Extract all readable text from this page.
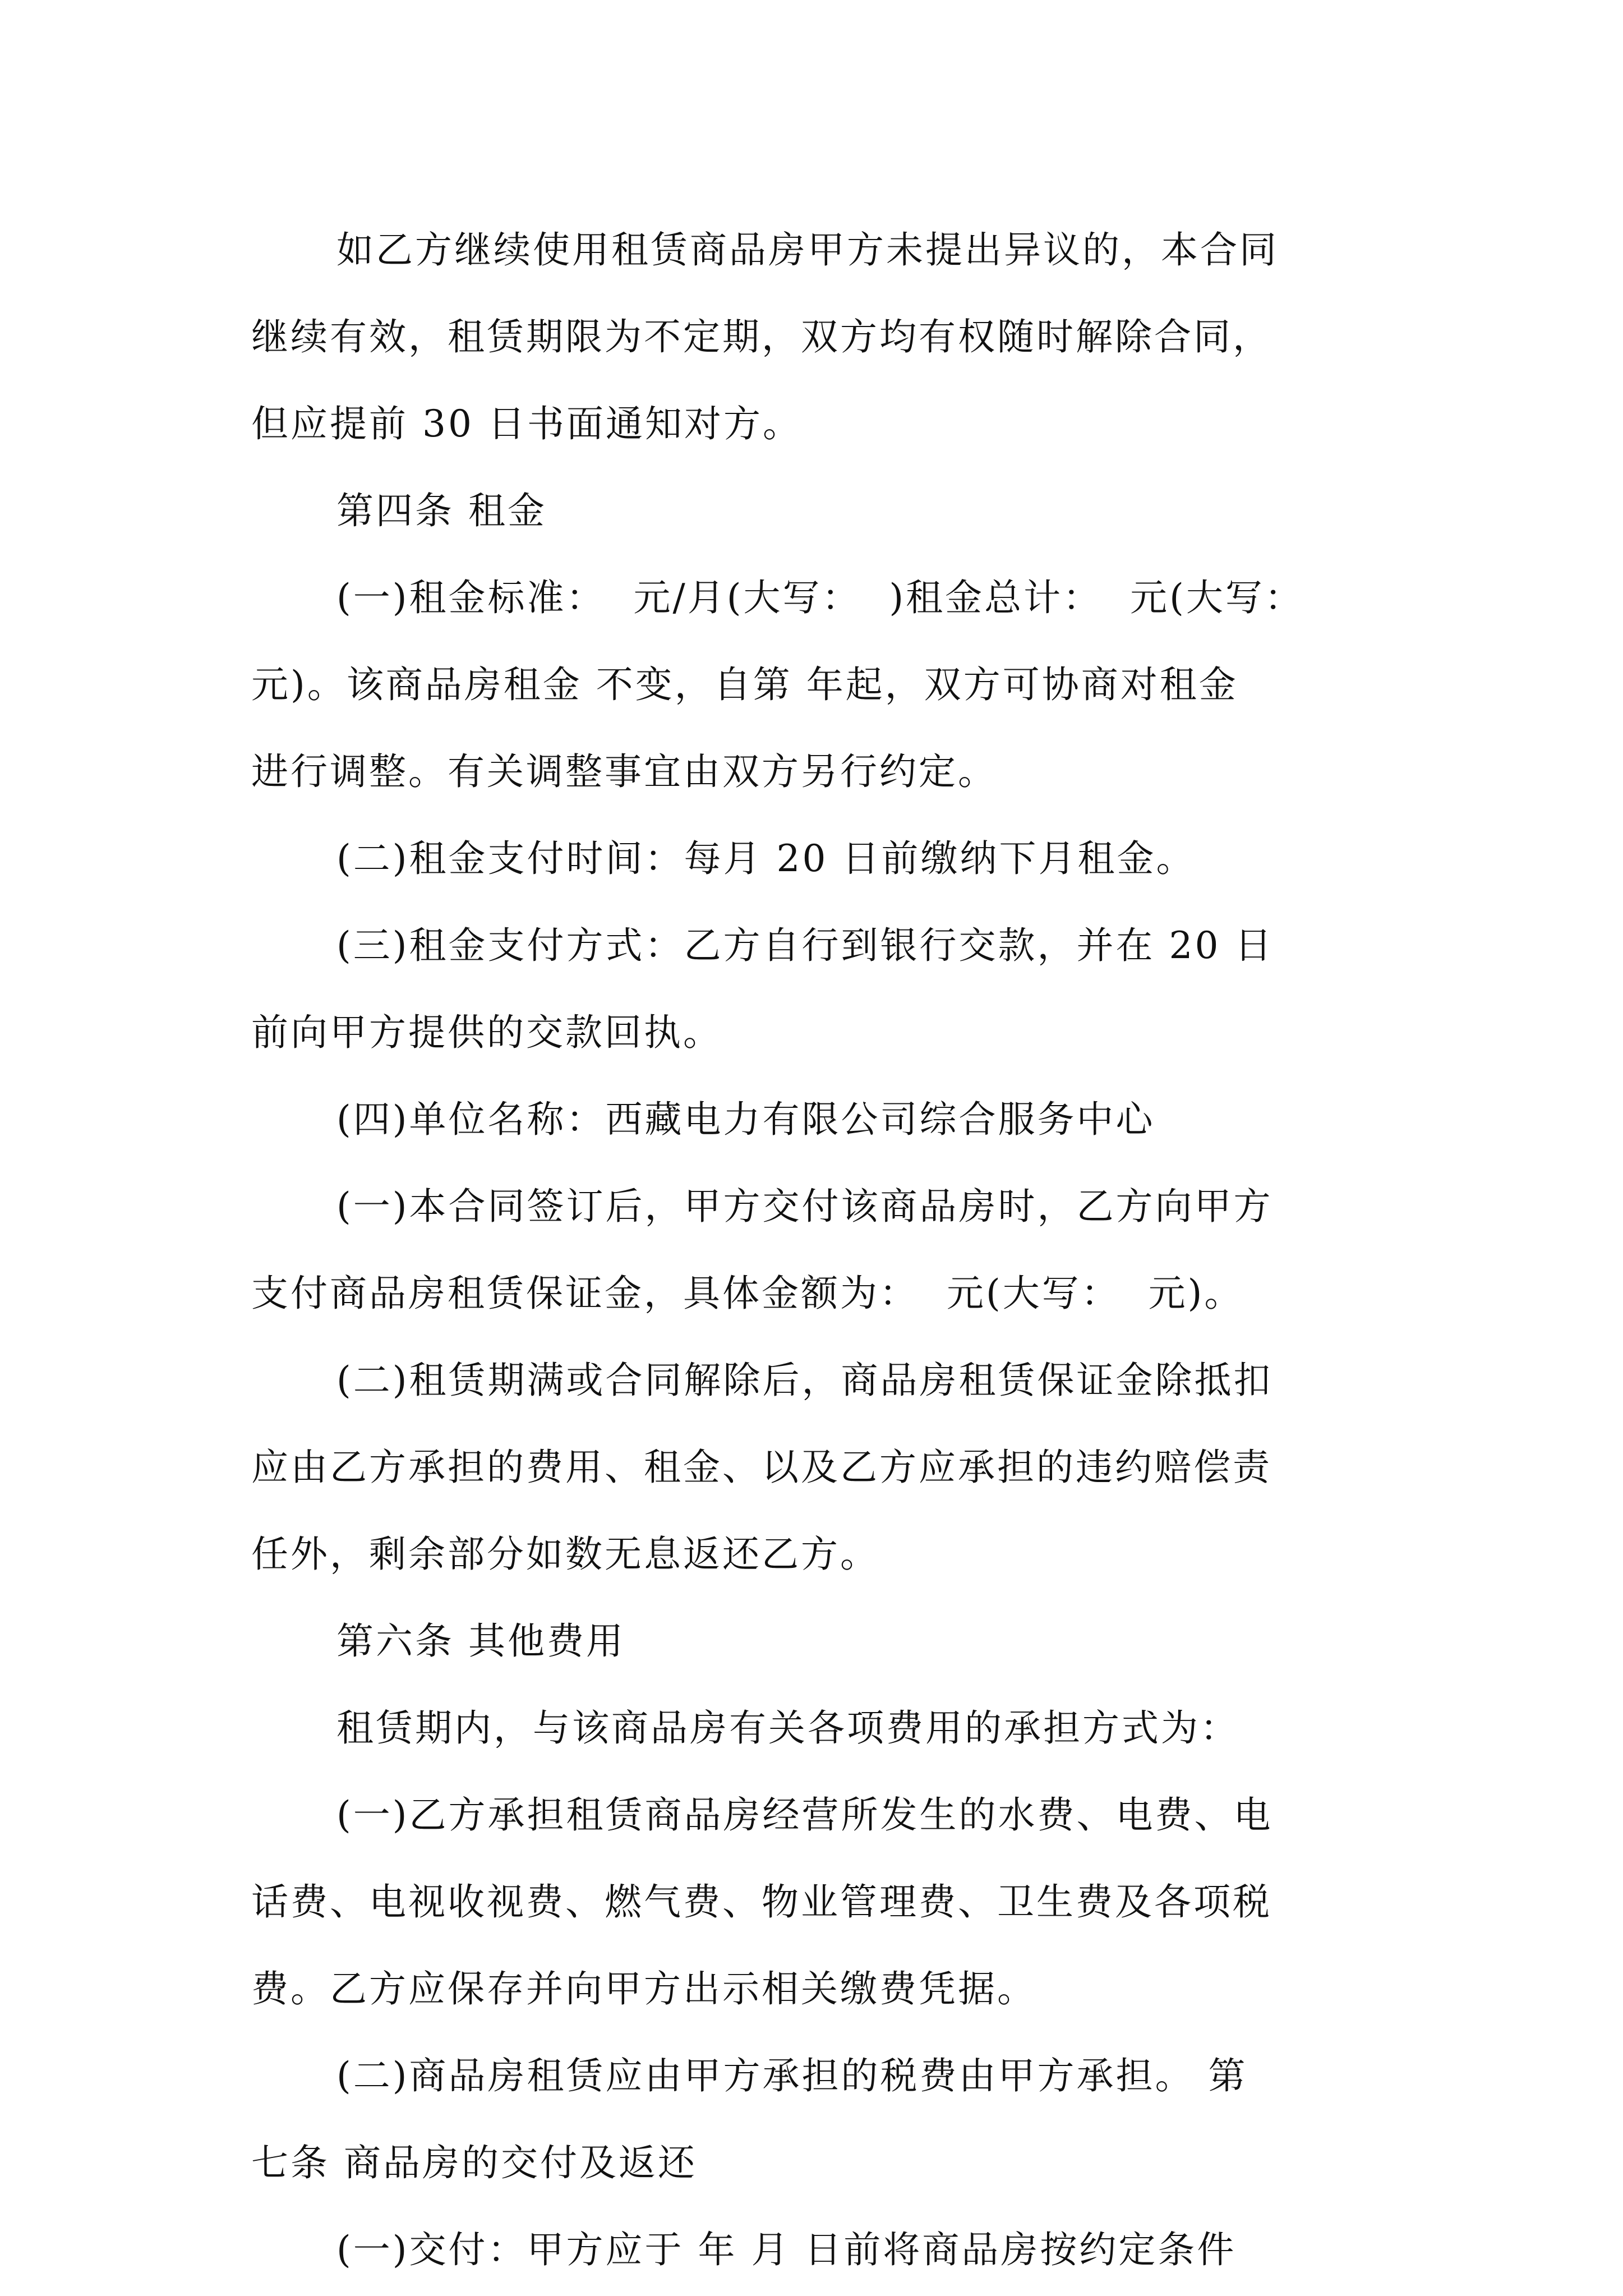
如乙方继续使用租赁商品房甲方未提出异议的，本合同
继续有效，租赁期限为不定期，双方均有权随时解除合同，
但应提前 30 日书面通知对方。
第四条 租金
(一)租金标准：  元/月(大写：  )租金总计：  元(大写：
元)。该商品房租金 不变，自第 年起，双方可协商对租金
进行调整。有关调整事宜由双方另行约定。
(二)租金支付时间：每月 20 日前缴纳下月租金。
(三)租金支付方式：乙方自行到银行交款，并在 20 日
前向甲方提供的交款回执。
(四)单位名称：西藏电力有限公司综合服务中心
(一)本合同签订后，甲方交付该商品房时，乙方向甲方
支付商品房租赁保证金，具体金额为：  元(大写：  元)。
(二)租赁期满或合同解除后，商品房租赁保证金除抵扣
应由乙方承担的费用、租金、以及乙方应承担的违约赔偿责
任外，剩余部分如数无息返还乙方。
第六条 其他费用
租赁期内，与该商品房有关各项费用的承担方式为：
(一)乙方承担租赁商品房经营所发生的水费、电费、电
话费、电视收视费、燃气费、物业管理费、卫生费及各项税
费。乙方应保存并向甲方出示相关缴费凭据。
(二)商品房租赁应由甲方承担的税费由甲方承担。 第
七条 商品房的交付及返还
(一)交付：甲方应于 年 月 日前将商品房按约定条件
